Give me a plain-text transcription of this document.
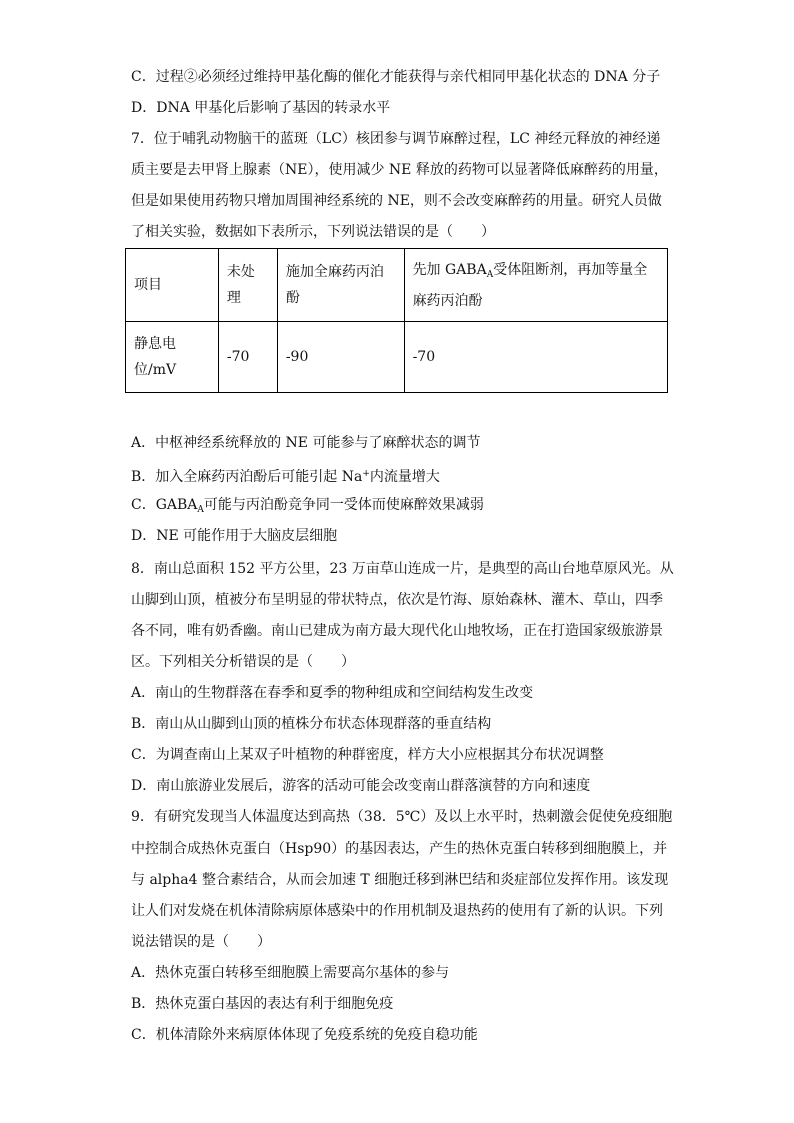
C．过程②必须经过维持甲基化酶的催化才能获得与亲代相同甲基化状态的 DNA 分子
D．DNA 甲基化后影响了基因的转录水平
7．位于哺乳动物脑干的蓝斑（LC）核团参与调节麻醉过程，LC 神经元释放的神经递
质主要是去甲肾上腺素（NE），使用减少 NE 释放的药物可以显著降低麻醉药的用量，
但是如果使用药物只增加周围神经系统的 NE，则不会改变麻醉药的用量。研究人员做
了相关实验，数据如下表所示，下列说法错误的是（　　）
项目	未处理	施加全麻药丙泊酚	先加 $GABA_A$受体阻断剂，再加等量全麻药丙泊酚
静息电位/mV	-70	-90	-70
A．中枢神经系统释放的 NE 可能参与了麻醉状态的调节
B．加入全麻药丙泊酚后可能引起 Na+内流量增大
C．$GABA_A$可能与丙泊酚竞争同一受体而使麻醉效果减弱
D．NE 可能作用于大脑皮层细胞
8．南山总面积 152 平方公里，23 万亩草山连成一片，是典型的高山台地草原风光。从
山脚到山顶，植被分布呈明显的带状特点，依次是竹海、原始森林、灌木、草山，四季
各不同，唯有奶香幽。南山已建成为南方最大现代化山地牧场，正在打造国家级旅游景
区。下列相关分析错误的是（　　）
A．南山的生物群落在春季和夏季的物种组成和空间结构发生改变
B．南山从山脚到山顶的植株分布状态体现群落的垂直结构
C．为调查南山上某双子叶植物的种群密度，样方大小应根据其分布状况调整
D．南山旅游业发展后，游客的活动可能会改变南山群落演替的方向和速度
9．有研究发现当人体温度达到高热（38．5℃）及以上水平时，热刺激会促使免疫细胞
中控制合成热休克蛋白（Hsp90）的基因表达，产生的热休克蛋白转移到细胞膜上，并
与 alpha4 整合素结合，从而会加速 T 细胞迁移到淋巴结和炎症部位发挥作用。该发现
让人们对发烧在机体清除病原体感染中的作用机制及退热药的使用有了新的认识。下列
说法错误的是（　　）
A．热休克蛋白转移至细胞膜上需要高尔基体的参与
B．热休克蛋白基因的表达有利于细胞免疫
C．机体清除外来病原体体现了免疫系统的免疫自稳功能
